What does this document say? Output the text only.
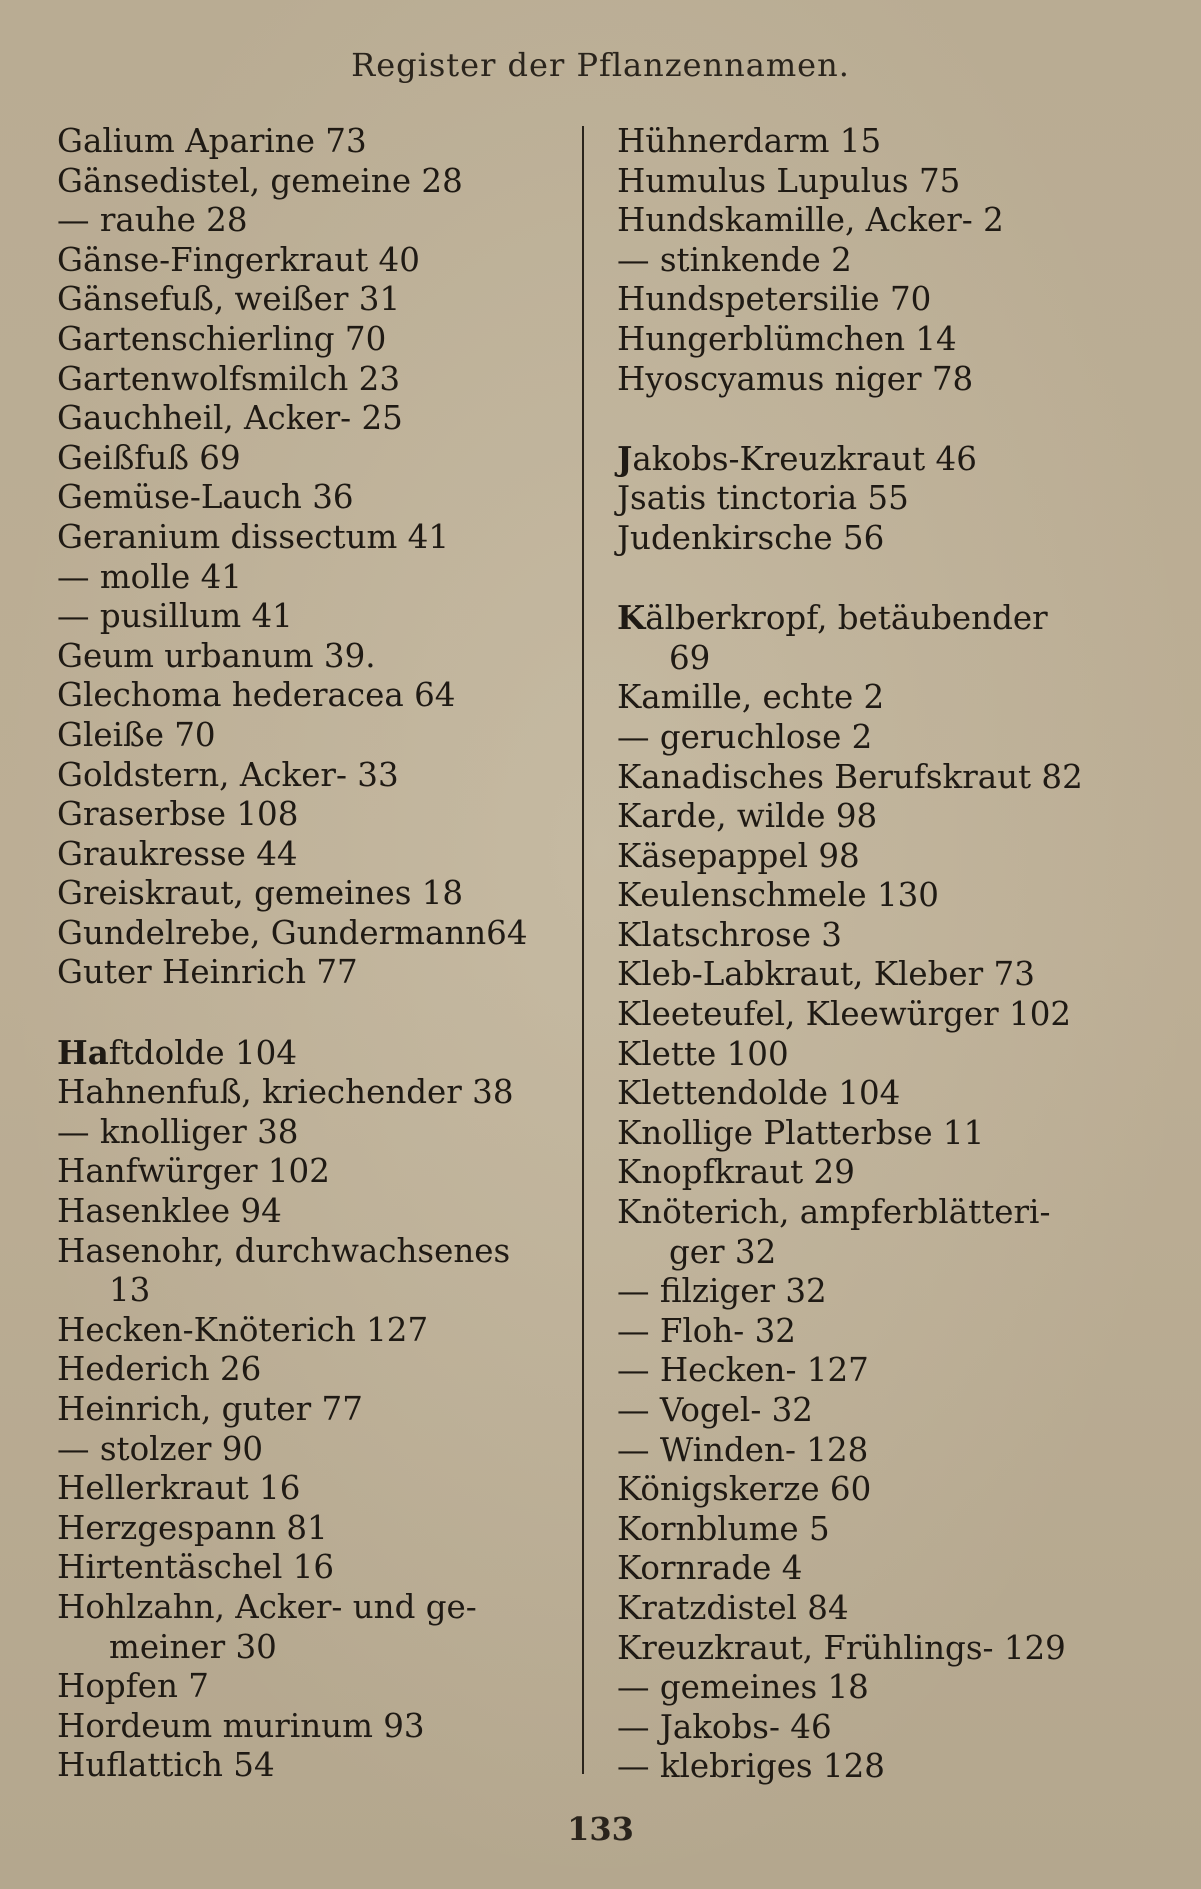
Register der Pflanzennamen.
Galium Aparine 73
Gänsedistel, gemeine 28
— rauhe 28
Gänse-Fingerkraut 40
Gänsefuß, weißer 31
Gartenschierling 70
Gartenwolfsmilch 23
Gauchheil, Acker- 25
Geißfuß 69
Gemüse-Lauch 36
Geranium dissectum 41
— molle 41
— pusillum 41
Geum urbanum 39.
Glechoma hederacea 64
Gleiße 70
Goldstern, Acker- 33
Graserbse 108
Graukresse 44
Greiskraut, gemeines 18
Gundelrebe, Gundermann64
Guter Heinrich 77
Haftdolde 104
Hahnenfuß, kriechender 38
— knolliger 38
Hanfwürger 102
Hasenklee 94
Hasenohr, durchwachsenes
13
Hecken-Knöterich 127
Hederich 26
Heinrich, guter 77
— stolzer 90
Hellerkraut 16
Herzgespann 81
Hirtentäschel 16
Hohlzahn, Acker- und ge-
meiner 30
Hopfen 7
Hordeum murinum 93
Huflattich 54
Hühnerdarm 15
Humulus Lupulus 75
Hundskamille, Acker- 2
— stinkende 2
Hundspetersilie 70
Hungerblümchen 14
Hyoscyamus niger 78
Jakobs-Kreuzkraut 46
Jsatis tinctoria 55
Judenkirsche 56
Kälberkropf, betäubender
69
Kamille, echte 2
— geruchlose 2
Kanadisches Berufskraut 82
Karde, wilde 98
Käsepappel 98
Keulenschmele 130
Klatschrose 3
Kleb-Labkraut, Kleber 73
Kleeteufel, Kleewürger 102
Klette 100
Klettendolde 104
Knollige Platterbse 11
Knopfkraut 29
Knöterich, ampferblätteri-
ger 32
— filziger 32
— Floh- 32
— Hecken- 127
— Vogel- 32
— Winden- 128
Königskerze 60
Kornblume 5
Kornrade 4
Kratzdistel 84
Kreuzkraut, Frühlings- 129
— gemeines 18
— Jakobs- 46
— klebriges 128
133
